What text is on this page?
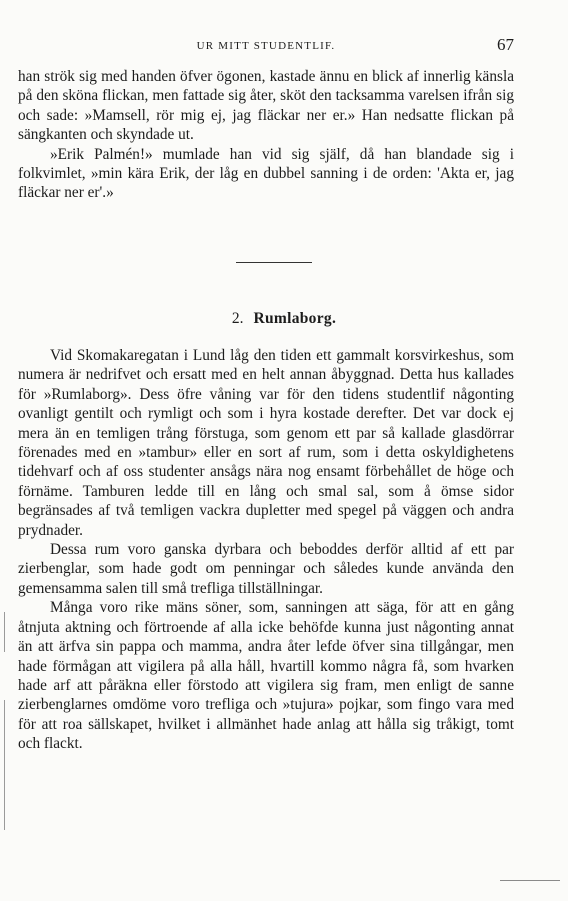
UR MITT STUDENTLIF.	67

han strök sig med handen öfver ögonen, kastade ännu en blick af innerlig känsla på den sköna flickan, men fattade sig åter, sköt den tacksamma varelsen ifrån sig och sade: »Mamsell, rör mig ej, jag fläckar ner er.» Han nedsatte flickan på sängkanten och skyndade ut.

»Erik Palmén!» mumlade han vid sig själf, då han blandade sig i folkvimlet, »min kära Erik, der låg en dubbel sanning i de orden: 'Akta er, jag fläckar ner er'.»

2. Rumlaborg.

Vid Skomakaregatan i Lund låg den tiden ett gammalt korsvirkeshus, som numera är nedrifvet och ersatt med en helt annan åbyggnad. Detta hus kallades för »Rumlaborg». Dess öfre våning var för den tidens studentlif någonting ovanligt gentilt och rymligt och som i hyra kostade derefter. Det var dock ej mera än en temligen trång förstuga, som genom ett par så kallade glasdörrar förenades med en »tambur» eller en sort af rum, som i detta oskyldighetens tidehvarf och af oss studenter ansågs nära nog ensamt förbehållet de höge och förnäme. Tamburen ledde till en lång och smal sal, som å ömse sidor begränsades af två temligen vackra dupletter med spegel på väggen och andra prydnader.

Dessa rum voro ganska dyrbara och beboddes derför alltid af ett par zierbenglar, som hade godt om penningar och således kunde använda den gemensamma salen till små trefliga tillställningar.

Många voro rike mäns söner, som, sanningen att säga, för att en gång åtnjuta aktning och förtroende af alla icke behöfde kunna just någonting annat än att ärfva sin pappa och mamma, andra åter lefde öfver sina tillgångar, men hade förmågan att vigilera på alla håll, hvartill kommo några få, som hvarken hade arf att påräkna eller förstodo att vigilera sig fram, men enligt de sanne zierbenglarnes omdöme voro trefliga och »tujura» pojkar, som fingo vara med för att roa sällskapet, hvilket i allmänhet hade anlag att hålla sig tråkigt, tomt och flackt.
